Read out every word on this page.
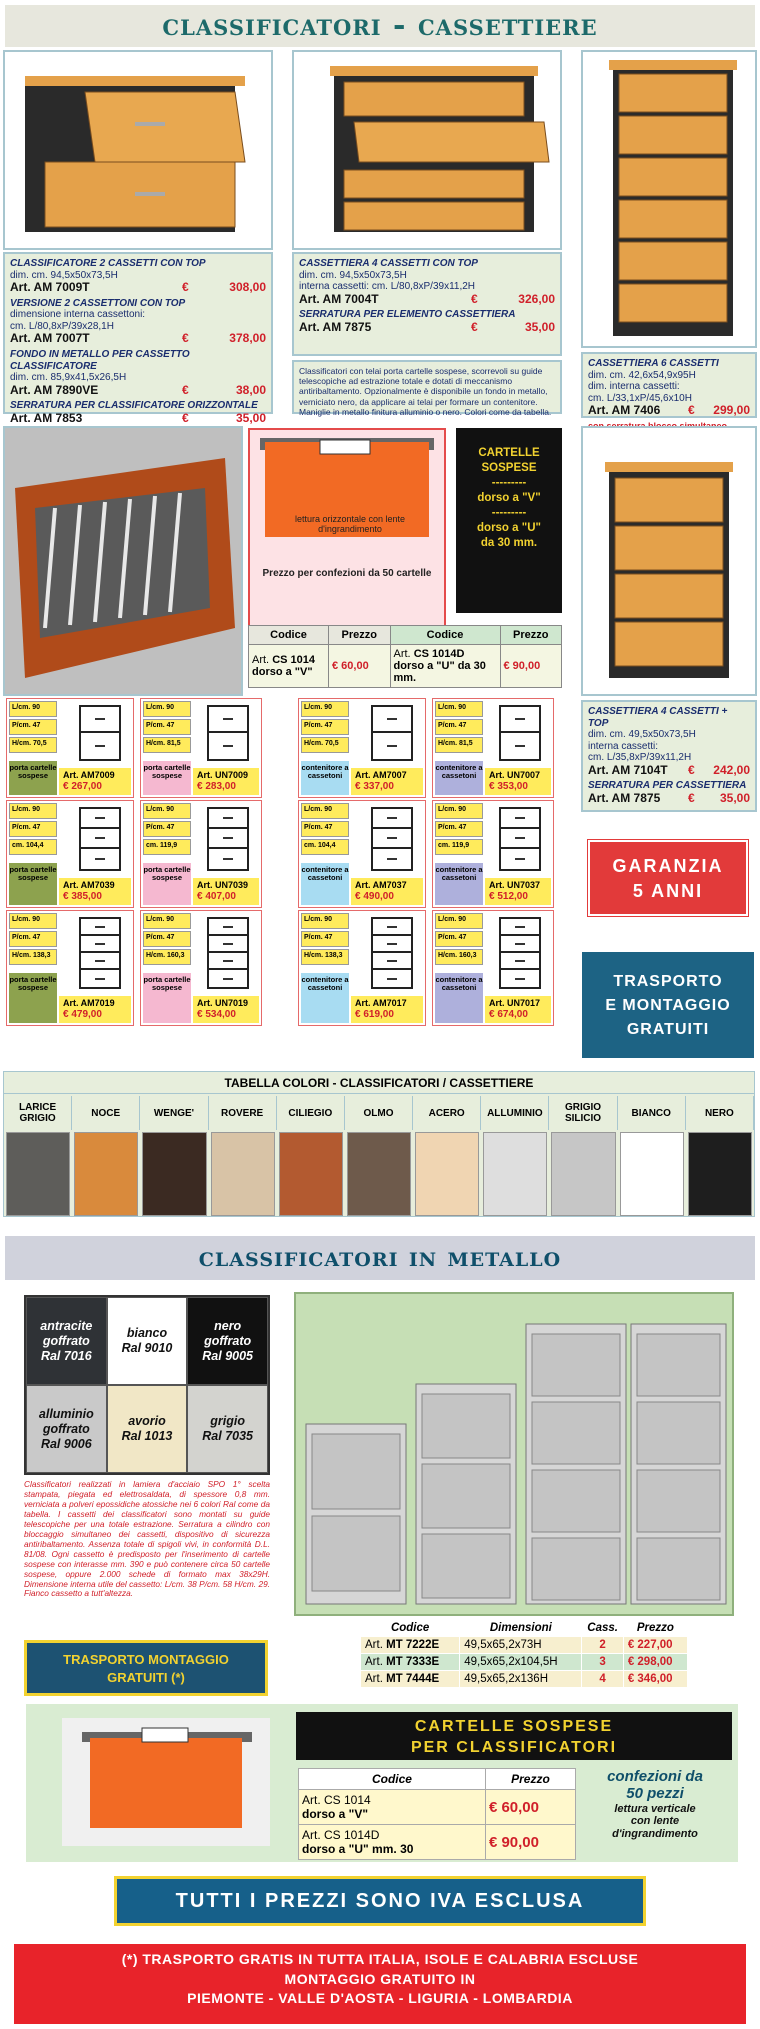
classificatori - cassettiere
CLASSIFICATORE 2 CASSETTI CON TOP
dim. cm. 94,5x50x73,5H
Art. AM 7009T	€	308,00
VERSIONE 2 CASSETTONI CON TOP
dimensione interna cassettoni:
cm. L/80,8xP/39x28,1H
Art. AM 7007T	€	378,00
FONDO IN METALLO PER CASSETTO CLASSIFICATORE
dim. cm. 85,9x41,5x26,5H
Art. AM 7890VE	€	38,00
SERRATURA PER CLASSIFICATORE ORIZZONTALE
Art. AM 7853	€	35,00
CASSETTIERA 4 CASSETTI CON TOP
dim. cm. 94,5x50x73,5H
interna cassetti: cm. L/80,8xP/39x11,2H
Art. AM 7004T	€	326,00
SERRATURA PER ELEMENTO CASSETTIERA
Art. AM 7875	€	35,00
Classificatori con telai porta cartelle sospese, scorrevoli su guide telescopiche ad estrazione totale e dotati di meccanismo antiribaltamento. Opzionalmente è disponibile un fondo in metallo, verniciato nero, da applicare ai telai per formare un contenitore. Maniglie in metallo finitura alluminio o nero. Colori come da tabella.
CASSETTIERA 6 CASSETTI
dim. cm. 42,6x54,9x95H
dim. interna cassetti:
cm. L/33,1xP/45,6x10H
Art. AM 7406 € 299,00
lettura orizzontale con lente d'ingrandimento
Prezzo per confezioni da 50 cartelle
CARTELLE
SOSPESE
---------
dorso a "V"
---------
dorso a "U"
da 30 mm.
Codice	Prezzo	Codice	Prezzo
Art. CS 1014
dorso a "V"	€ 60,00	Art. CS 1014D
dorso a "U" da 30 mm.	€ 90,00
CASSETTIERA 4 CASSETTI + TOP
dim. cm. 49,5x50x73,5H
interna cassetti:
cm. L/35,8xP/39x11,2H
Art. AM 7104T € 242,00
SERRATURA PER CASSETTIERA
Art. AM 7875 € 35,00
L/cm. 90
P/cm. 47
H/cm. 70,5
porta cartelle sospese	Art. AM7009
€ 267,00
L/cm. 90
P/cm. 47
H/cm. 81,5
porta cartelle sospese	Art. UN7009
€ 283,00
L/cm. 90
P/cm. 47
H/cm. 70,5
contenitore a cassetoni	Art. AM7007
€ 337,00
L/cm. 90
P/cm. 47
H/cm. 81,5
contenitore a cassetoni	Art. UN7007
€ 353,00
L/cm. 90
P/cm. 47
cm. 104,4
porta cartelle sospese
Art. AM7039
€ 385,00
L/cm. 90
P/cm. 47
cm. 119,9
porta cartelle sospese
Art. UN7039
€ 407,00
L/cm. 90
P/cm. 47
cm. 104,4
contenitore a cassetoni
Art. AM7037
€ 490,00
L/cm. 90
P/cm. 47
cm. 119,9
contenitore a cassetoni
Art. UN7037
€ 512,00
L/cm. 90
P/cm. 47
H/cm. 138,3
porta cartelle sospese
Art. AM7019
€ 479,00
L/cm. 90
P/cm. 47
H/cm. 160,3
porta cartelle sospese
Art. UN7019
€ 534,00
L/cm. 90
P/cm. 47
H/cm. 138,3
contenitore a cassetoni
Art. AM7017
€ 619,00
L/cm. 90
P/cm. 47
H/cm. 160,3
contenitore a cassetoni
Art. UN7017
€ 674,00
GARANZIA
5 ANNI
TRASPORTO
E MONTAGGIO
GRATUITI
TABELLA COLORI - CLASSIFICATORI / CASSETTIERE
LARICE GRIGIO	NOCE	WENGE'	ROVERE	CILIEGIO	OLMO	ACERO	ALLUMINIO	GRIGIO SILICIO	BIANCO	NERO
classificatori in metallo
antracite
goffrato
Ral 7016
bianco
Ral 9010
nero
goffrato
Ral 9005
alluminio
goffrato
Ral 9006
avorio
Ral 1013
grigio
Ral 7035
Classificatori realizzati in lamiera d'acciaio SPO 1° scelta stampata, piegata ed elettrosaldata, di spessore 0,8 mm. verniciata a polveri epossidiche atossiche nei 6 colori Ral come da tabella. I cassetti dei classificatori sono montati su guide telescopiche per una totale estrazione. Serratura a cilindro con bloccaggio simultaneo dei cassetti, dispositivo di sicurezza antiribaltamento. Assenza totale di spigoli vivi, in conformità D.L. 81/08. Ogni cassetto è predisposto per l'inserimento di cartelle sospese con interasse mm. 390 e può contenere circa 50 cartelle sospese, oppure 2.000 schede di formato max 38x29H. Dimensione interna utile del cassetto: L/cm. 38 P/cm. 58 H/cm. 29. Fianco cassetto a tutt'altezza.
TRASPORTO MONTAGGIO
GRATUITI (*)
Codice	Dimensioni	Cass.	Prezzo
Art. MT 7222E	49,5x65,2x73H	2	€ 227,00
Art. MT 7333E	49,5x65,2x104,5H	3	€ 298,00
Art. MT 7444E	49,5x65,2x136H	4	€ 346,00
CARTELLE SOSPESE
PER CLASSIFICATORI
Codice	Prezzo
Art. CS 1014
dorso a "V"	€ 60,00
Art. CS 1014D
dorso a "U" mm. 30	€ 90,00
confezioni da
50 pezzi
lettura verticale
con lente
d'ingrandimento
TUTTI I PREZZI SONO IVA ESCLUSA
(*) TRASPORTO GRATIS IN TUTTA ITALIA, ISOLE E CALABRIA ESCLUSE
MONTAGGIO GRATUITO IN
PIEMONTE - VALLE D'AOSTA - LIGURIA - LOMBARDIA
